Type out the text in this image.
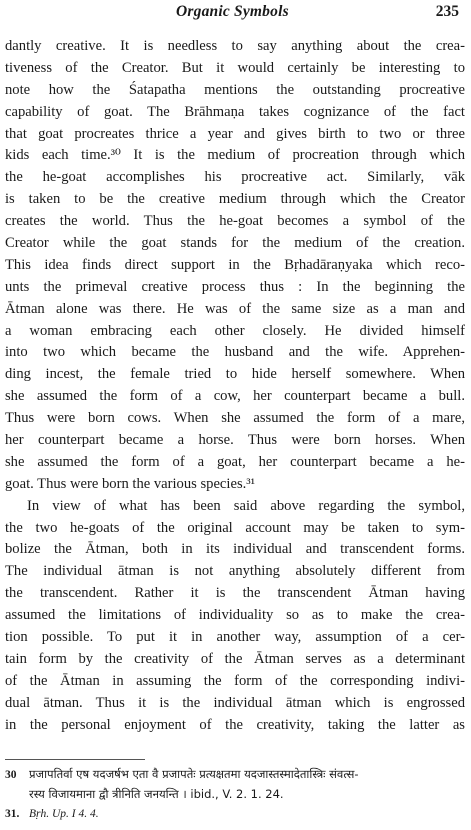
Organic Symbols	235
dantly creative. It is needless to say anything about the crea-
tiveness of the Creator. But it would certainly be interesting to
note how the Śatapatha mentions the outstanding procreative
capability of goat. The Brāhmaṇa takes cognizance of the fact
that goat procreates thrice a year and gives birth to two or three
kids each time.³⁰ It is the medium of procreation through which
the he-goat accomplishes his procreative act. Similarly, vāk
is taken to be the creative medium through which the Creator
creates the world. Thus the he-goat becomes a symbol of the
Creator while the goat stands for the medium of the creation.
This idea finds direct support in the Bṛhadāraṇyaka which reco-
unts the primeval creative process thus : In the beginning the
Ātman alone was there. He was of the same size as a man and
a woman embracing each other closely. He divided himself
into two which became the husband and the wife. Apprehen-
ding incest, the female tried to hide herself somewhere. When
she assumed the form of a cow, her counterpart became a bull.
Thus were born cows. When she assumed the form of a mare,
her counterpart became a horse. Thus were born horses. When
she assumed the form of a goat, her counterpart became a he-
goat. Thus were born the various species.³¹
In view of what has been said above regarding the symbol,
the two he-goats of the original account may be taken to sym-
bolize the Ātman, both in its individual and transcendent forms.
The individual ātman is not anything absolutely different from
the transcendent. Rather it is the transcendent Ātman having
assumed the limitations of individuality so as to make the crea-
tion possible. To put it in another way, assumption of a cer-
tain form by the creativity of the Ātman serves as a determinant
of the Ātman in assuming the form of the corresponding indivi-
dual ātman. Thus it is the individual ātman which is engrossed
in the personal enjoyment of the creativity, taking the latter as
30 प्रजापतिर्वा एष यदजर्षभ एता वै प्रजापतेः प्रत्यक्षतमा यदजास्तस्मादेतास्त्रिः संवत्स-
रस्य विजायमाना द्वौ त्रीनिति जनयन्ति । ibid., V. 2. 1. 24.
31. Bṛh. Up. I 4. 4.
